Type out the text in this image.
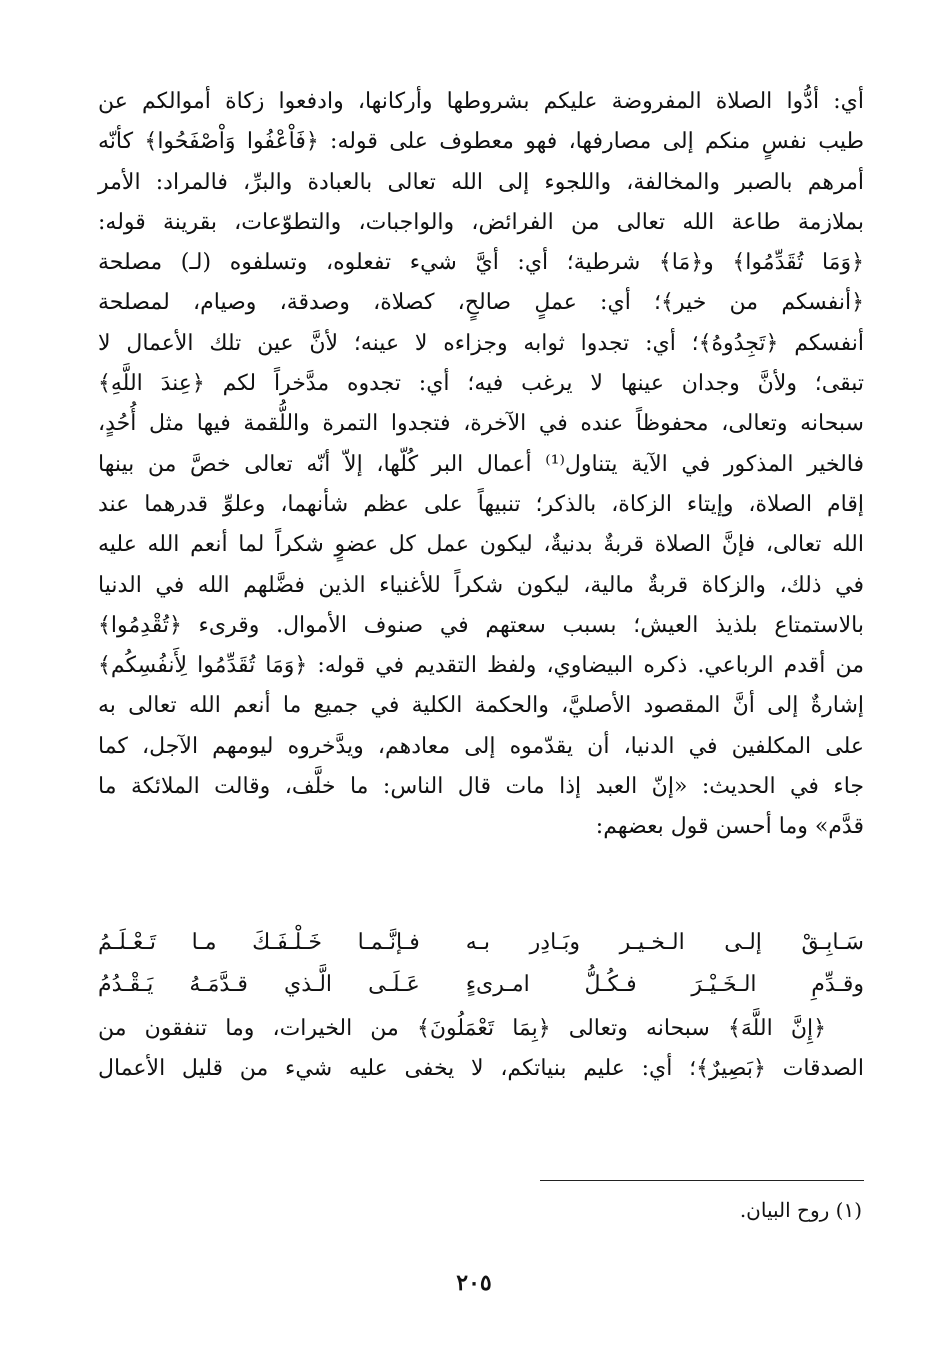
أي: أدُّوا الصلاة المفروضة عليكم بشروطها وأركانها، وادفعوا زكاة أموالكم عن
طيب نفسٍ منكم إلى مصارفها، فهو معطوف على قوله: ﴿فَاْعْفُوا وَاْصْفَحُوا﴾ كأنّه
أمرهم بالصبر والمخالفة، واللجوء إلى الله تعالى بالعبادة والبرِّ، فالمراد: الأمر
بملازمة طاعة الله تعالى من الفرائض، والواجبات، والتطوّعات، بقرينة قوله:
﴿وَمَا تُقَدِّمُوا﴾ و﴿مَا﴾ شرطية؛ أي: أيَّ شيء تفعلوه، وتسلفوه (لـ) مصلحة
﴿أنفسكم من خير﴾؛ أي: عملٍ صالحٍ، كصلاة، وصدقة، وصيام، لمصلحة
أنفسكم ﴿تَجِدُوهُ﴾؛ أي: تجدوا ثوابه وجزاءه لا عينه؛ لأنَّ عين تلك الأعمال لا
تبقى؛ ولأنَّ وجدان عينها لا يرغب فيه؛ أي: تجدوه مدَّخراً لكم ﴿عِندَ اللَّهِ﴾
سبحانه وتعالى، محفوظاً عنده في الآخرة، فتجدوا التمرة واللُّقمة فيها مثل أُحُدٍ،
فالخير المذكور في الآية يتناول⁽¹⁾ أعمال البر كُلّها، إلاّ أنّه تعالى خصَّ من بينها
إقام الصلاة، وإيتاء الزكاة، بالذكر؛ تنبيهاً على عظم شأنهما، وعلوِّ قدرهما عند
الله تعالى، فإنَّ الصلاة قربةٌ بدنيةٌ، ليكون عمل كل عضوٍ شكراً لما أنعم الله عليه
في ذلك، والزكاة قربةٌ مالية، ليكون شكراً للأغنياء الذين فضَّلهم الله في الدنيا
بالاستمتاع بلذيذ العيش؛ بسبب سعتهم في صنوف الأموال. وقرىء ﴿تُقْدِمُوا﴾
من أقدم الرباعي. ذكره البيضاوي، ولفظ التقديم في قوله: ﴿وَمَا تُقَدِّمُوا لِأَنفُسِكُم﴾
إشارةٌ إلى أنَّ المقصود الأصليَّ، والحكمة الكلية في جميع ما أنعم الله تعالى به
على المكلفين في الدنيا، أن يقدّموه إلى معادهم، ويدَّخروه ليومهم الآجل، كما
جاء في الحديث: «إنّ العبد إذا مات قال الناس: ما خلَّف، وقالت الملائكة ما
قدَّم» وما أحسن قول بعضهم:
سَـابِـقْ إلـى الـخـيـر وبَـادِر بـه
فـإنَّـمـا خَـلْـفَـكَ مـا تَـعْـلَـمُ
وقـدِّمِ الـخَـيْـرَ فـكُـلُّ امـرىءٍ
عَـلَـى الَّـذي قـدَّمَـهُ يَـقْـدُمُ
﴿إِنَّ اللَّهَ﴾ سبحانه وتعالى ﴿بِمَا تَعْمَلُونَ﴾ من الخيرات، وما تنفقون من
الصدقات ﴿بَصِيرٌ﴾؛ أي: عليم بنياتكم، لا يخفى عليه شيء من قليل الأعمال
(١) روح البيان.
٢٠٥
